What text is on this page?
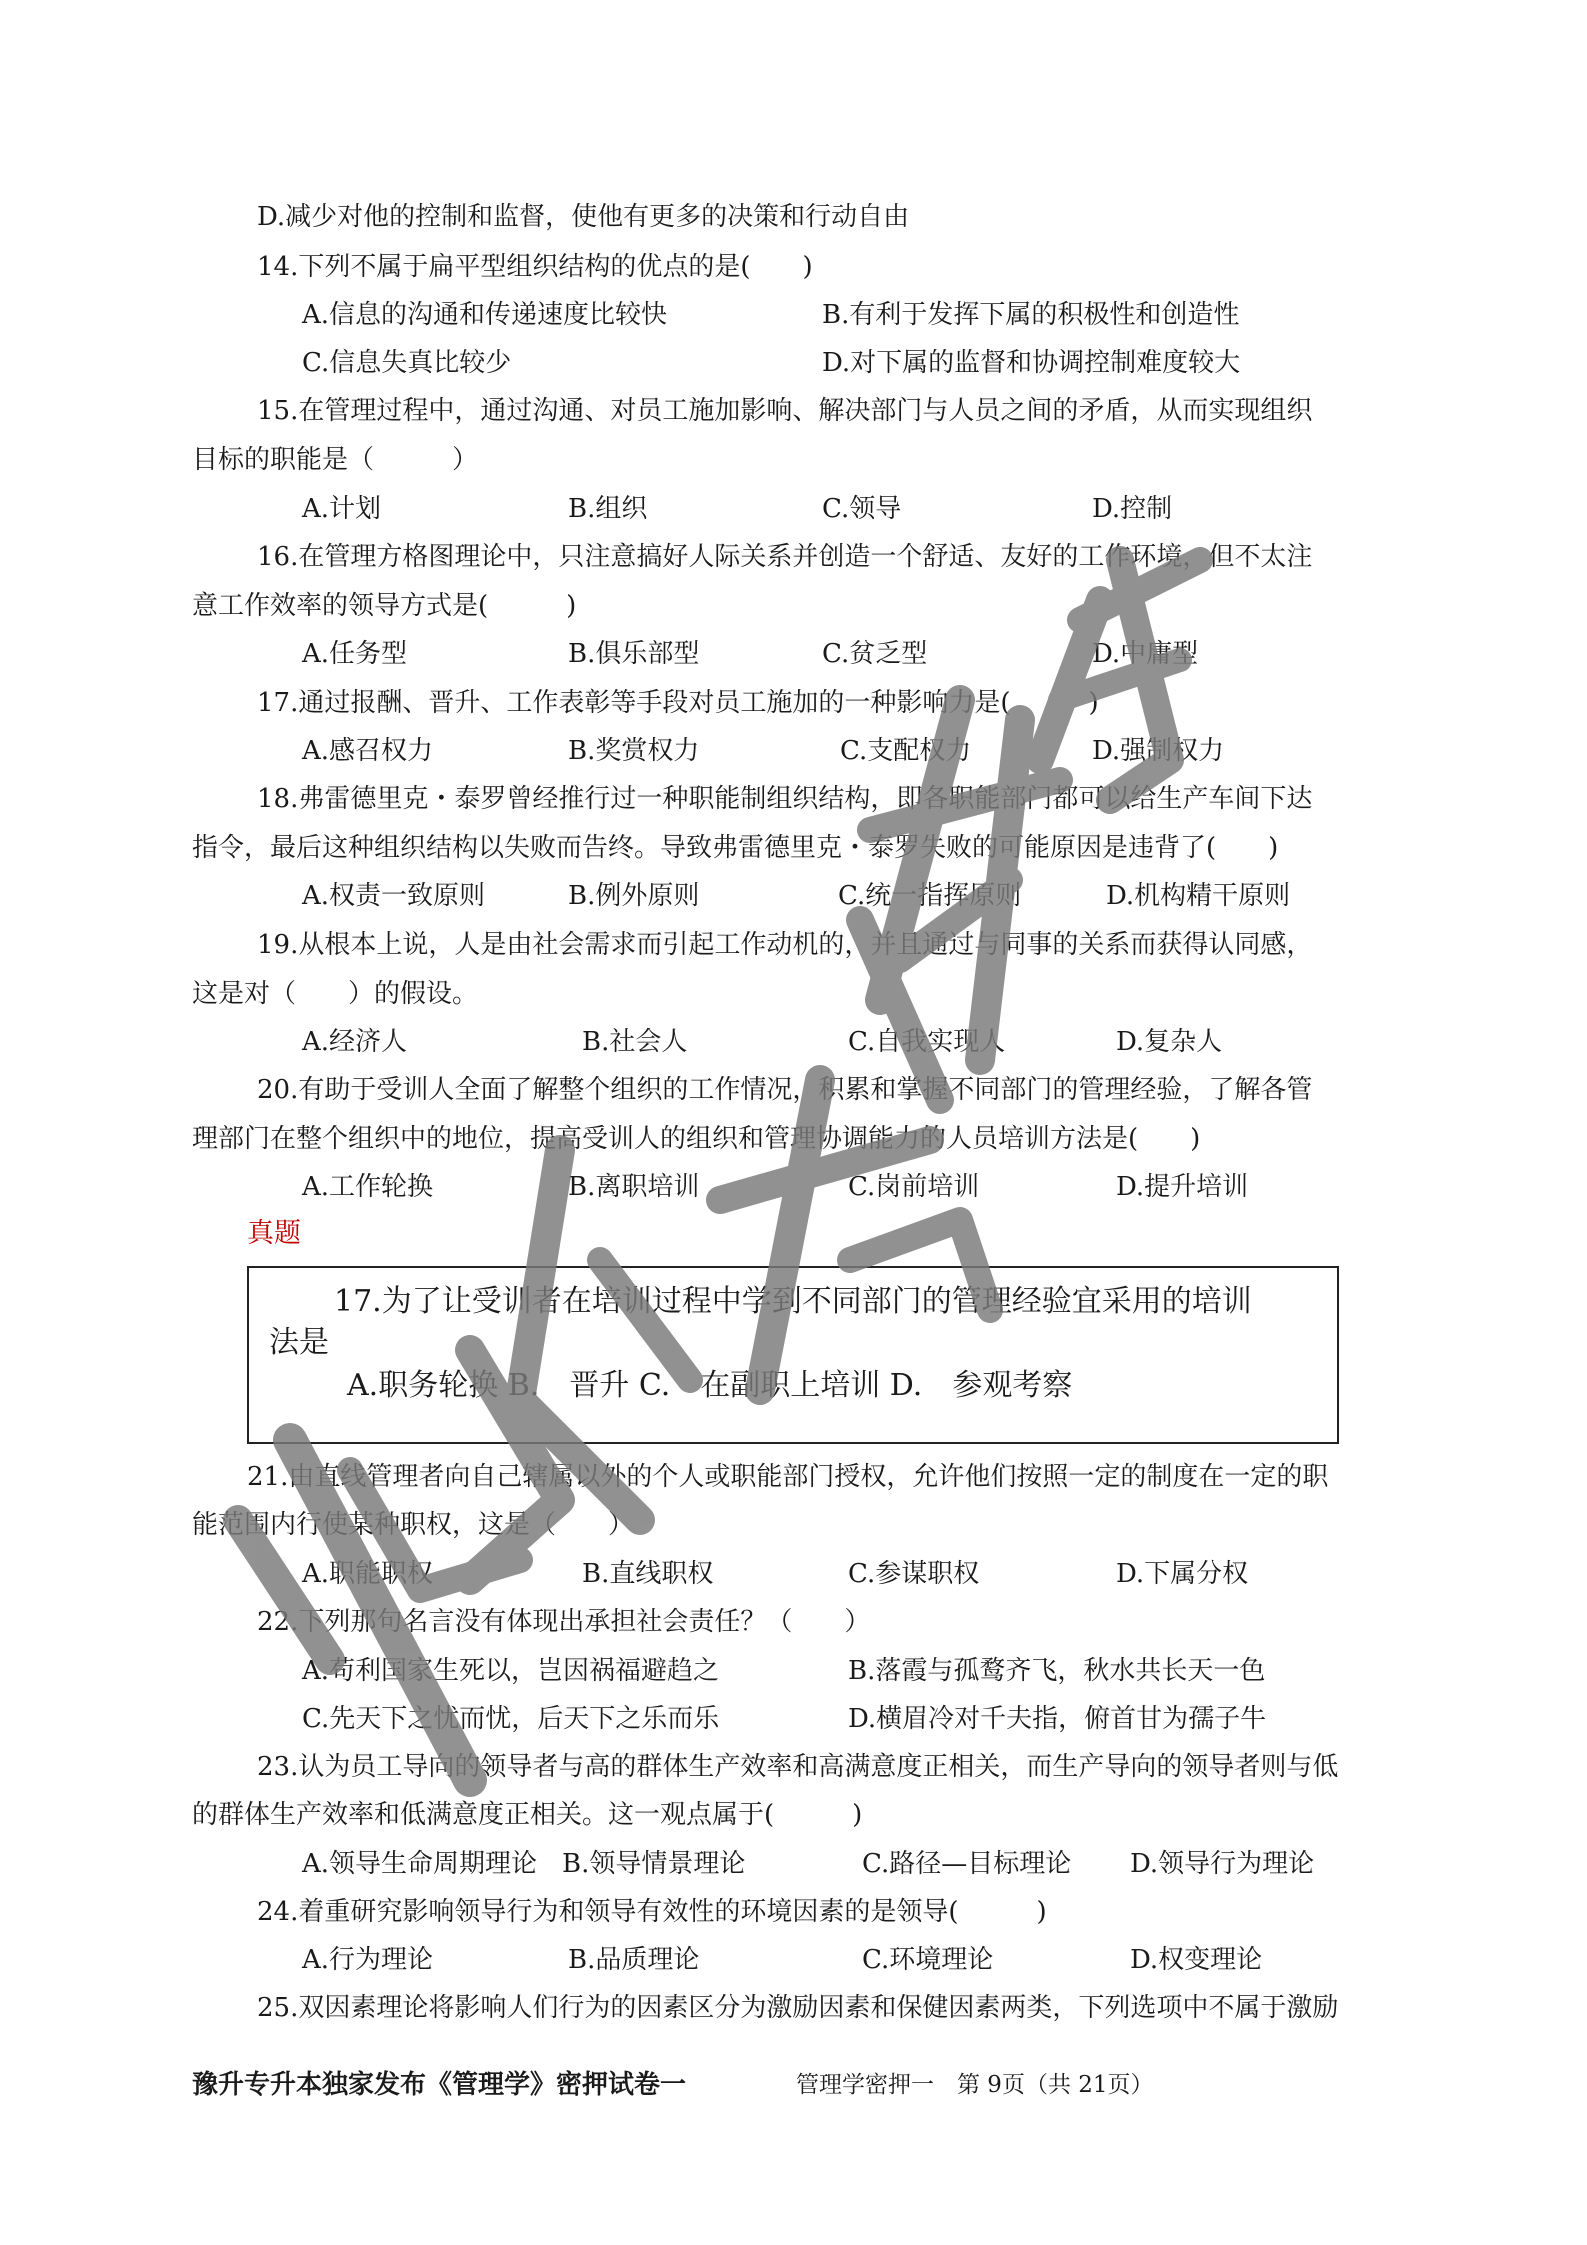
D.减少对他的控制和监督，使他有更多的决策和行动自由
14.下列不属于扁平型组织结构的优点的是(　　)
A.信息的沟通和传递速度比较快	B.有利于发挥下属的积极性和创造性
C.信息失真比较少	D.对下属的监督和协调控制难度较大
15.在管理过程中，通过沟通、对员工施加影响、解决部门与人员之间的矛盾，从而实现组织
目标的职能是（　　　）
A.计划	B.组织	C.领导	D.控制
16.在管理方格图理论中，只注意搞好人际关系并创造一个舒适、友好的工作环境，但不太注
意工作效率的领导方式是(　　　)
A.任务型	B.俱乐部型	C.贫乏型	D.中庸型
17.通过报酬、晋升、工作表彰等手段对员工施加的一种影响力是(　　　)
A.感召权力	B.奖赏权力	C.支配权力	D.强制权力
18.弗雷德里克・泰罗曾经推行过一种职能制组织结构，即各职能部门都可以给生产车间下达
指令，最后这种组织结构以失败而告终。导致弗雷德里克・泰罗失败的可能原因是违背了(　　)
A.权责一致原则	B.例外原则	C.统一指挥原则	D.机构精干原则
19.从根本上说，人是由社会需求而引起工作动机的，并且通过与同事的关系而获得认同感，
这是对（　　）的假设。
A.经济人	B.社会人	C.自我实现人	D.复杂人
20.有助于受训人全面了解整个组织的工作情况，积累和掌握不同部门的管理经验，了解各管
理部门在整个组织中的地位，提高受训人的组织和管理协调能力的人员培训方法是(　　)
A.工作轮换	B.离职培训	C.岗前培训	D.提升培训
真题
17.为了让受训者在培训过程中学到不同部门的管理经验宜采用的培训
法是
A.职务轮换 B.　晋升 C.　在副职上培训 D.　参观考察
21.由直线管理者向自己辖属以外的个人或职能部门授权，允许他们按照一定的制度在一定的职
能范围内行使某种职权，这是（　　）
A.职能职权	B.直线职权	C.参谋职权	D.下属分权
22.下列那句名言没有体现出承担社会责任？（　　）
A.苟利国家生死以，岂因祸福避趋之	B.落霞与孤鹜齐飞，秋水共长天一色
C.先天下之忧而忧，后天下之乐而乐	D.横眉冷对千夫指，俯首甘为孺子牛
23.认为员工导向的领导者与高的群体生产效率和高满意度正相关，而生产导向的领导者则与低
的群体生产效率和低满意度正相关。这一观点属于(　　　)
A.领导生命周期理论 B.领导情景理论	C.路径—目标理论 D.领导行为理论
24.着重研究影响领导行为和领导有效性的环境因素的是领导(　　　)
A.行为理论	B.品质理论	C.环境理论	D.权变理论
25.双因素理论将影响人们行为的因素区分为激励因素和保健因素两类，下列选项中不属于激励
豫升专升本独家发布《管理学》密押试卷一	管理学密押一　第 9页（共 21页）
